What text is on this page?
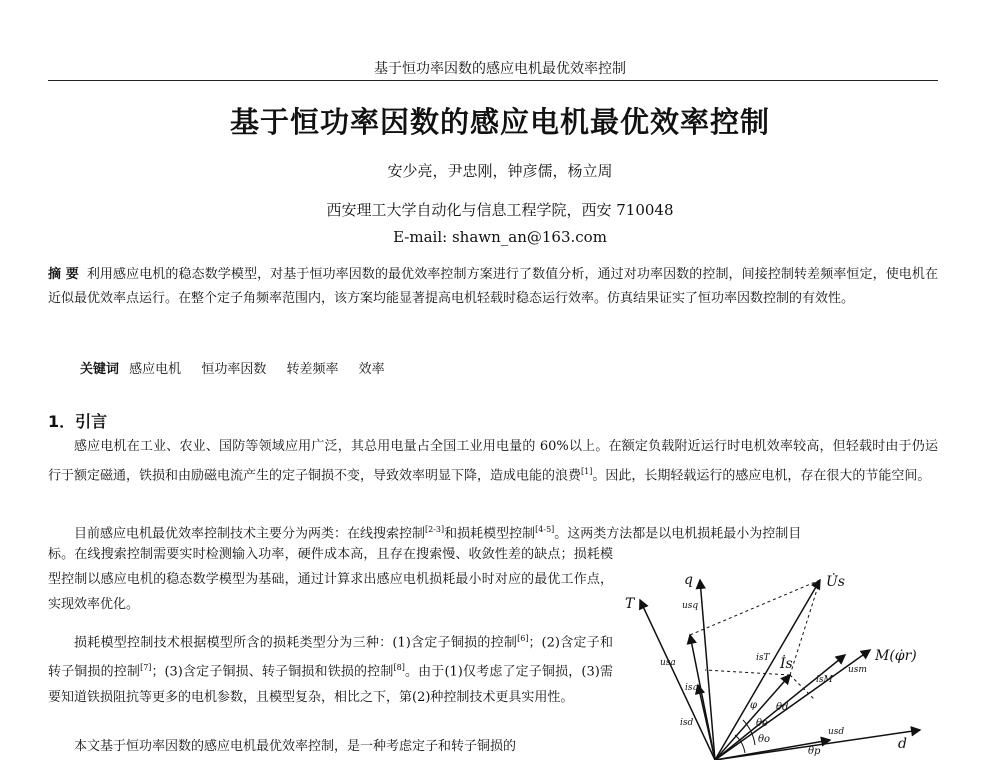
基于恒功率因数的感应电机最优效率控制
基于恒功率因数的感应电机最优效率控制
安少亮，尹忠刚，钟彦儒，杨立周
西安理工大学自动化与信息工程学院，西安 710048
E-mail: shawn_an@163.com
摘 要 利用感应电机的稳态数学模型，对基于恒功率因数的最优效率控制方案进行了数值分析，通过对功率因数的控制，间接控制转差频率恒定，使电机在近似最优效率点运行。在整个定子角频率范围内，该方案均能显著提高电机轻载时稳态运行效率。仿真结果证实了恒功率因数控制的有效性。
关键词 感应电机 恒功率因数 转差频率 效率
1．引言
感应电机在工业、农业、国防等领域应用广泛，其总用电量占全国工业用电量的 60%以上。在额定负载附近运行时电机效率较高，但轻载时由于仍运行于额定磁通，铁损和由励磁电流产生的定子铜损不变，导致效率明显下降，造成电能的浪费[1]。因此，长期轻载运行的感应电机，存在很大的节能空间。
目前感应电机最优效率控制技术主要分为两类：在线搜索控制[2-3]和损耗模型控制[4-5]。这两类方法都是以电机损耗最小为控制目
标。在线搜索控制需要实时检测输入功率，硬件成本高，且存在搜索慢、收敛性差的缺点；损耗模型控制以感应电机的稳态数学模型为基础，通过计算求出感应电机损耗最小时对应的最优工作点，实现效率优化。
损耗模型控制技术根据模型所含的损耗类型分为三种：(1)含定子铜损的控制[6]；(2)含定子和转子铜损的控制[7]；(3)含定子铜损、转子铜损和铁损的控制[8]。由于(1)仅考虑了定子铜损，(3)需要知道铁损阻抗等更多的电机参数，且模型复杂，相比之下，第(2)种控制技术更具实用性。
本文基于恒功率因数的感应电机最优效率控制，是一种考虑定子和转子铜损的
q
T
U̇s
M(φ̇r)
d
usq
usa
usm
isT
isq
İs
isM
isd
usd
φ θd
θe
θo
θp
